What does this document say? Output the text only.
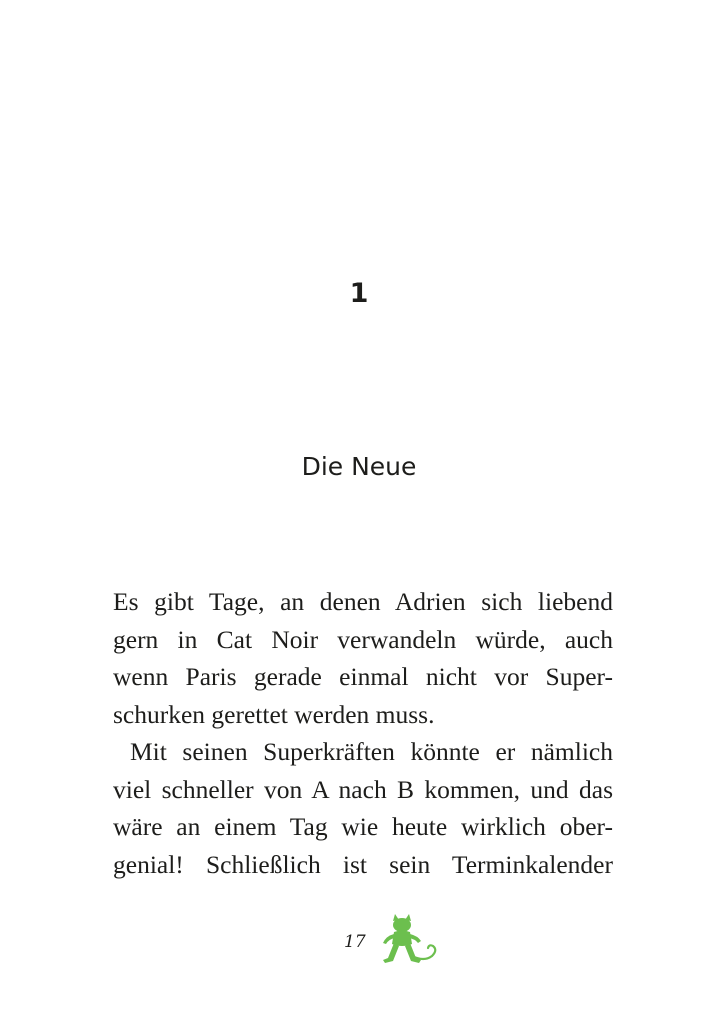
1
Die Neue
Es gibt Tage, an denen Adrien sich liebend
gern in Cat Noir verwandeln würde, auch
wenn Paris gerade einmal nicht vor Super-
schurken gerettet werden muss.
Mit seinen Superkräften könnte er nämlich
viel schneller von A nach B kommen, und das
wäre an einem Tag wie heute wirklich ober-
genial! Schließlich ist sein Terminkalender
17
